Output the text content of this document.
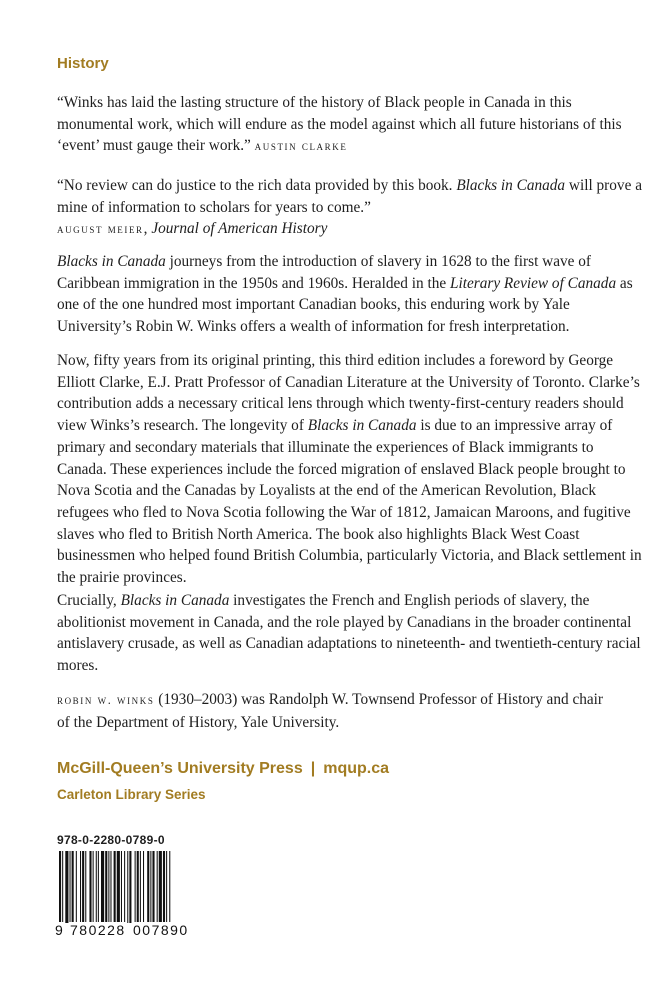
History

“Winks has laid the lasting structure of the history of Black people in Canada in this monumental work, which will endure as the model against which all future historians of this ‘event’ must gauge their work.” austin clarke

“No review can do justice to the rich data provided by this book. Blacks in Canada will prove a mine of information to scholars for years to come.”
august meier, Journal of American History

Blacks in Canada journeys from the introduction of slavery in 1628 to the first wave of Caribbean immigration in the 1950s and 1960s. Heralded in the Literary Review of Canada as one of the one hundred most important Canadian books, this enduring work by Yale University’s Robin W. Winks offers a wealth of information for fresh interpretation.

Now, fifty years from its original printing, this third edition includes a foreword by George Elliott Clarke, E.J. Pratt Professor of Canadian Literature at the University of Toronto. Clarke’s contribution adds a necessary critical lens through which twenty-first-century readers should view Winks’s research. The longevity of Blacks in Canada is due to an impressive array of primary and secondary materials that illuminate the experiences of Black immigrants to Canada. These experiences include the forced migration of enslaved Black people brought to Nova Scotia and the Canadas by Loyalists at the end of the American Revolution, Black refugees who fled to Nova Scotia following the War of 1812, Jamaican Maroons, and fugitive slaves who fled to British North America. The book also highlights Black West Coast businessmen who helped found British Columbia, particularly Victoria, and Black settlement in the prairie provinces.

Crucially, Blacks in Canada investigates the French and English periods of slavery, the abolitionist movement in Canada, and the role played by Canadians in the broader continental antislavery crusade, as well as Canadian adaptations to nineteenth- and twentieth-century racial mores.

robin w. winks (1930–2003) was Randolph W. Townsend Professor of History and chair of the Department of History, Yale University.

McGill-Queen’s University Press | mqup.ca
Carleton Library Series
978-0-2280-0789-0
9 780228 007890
